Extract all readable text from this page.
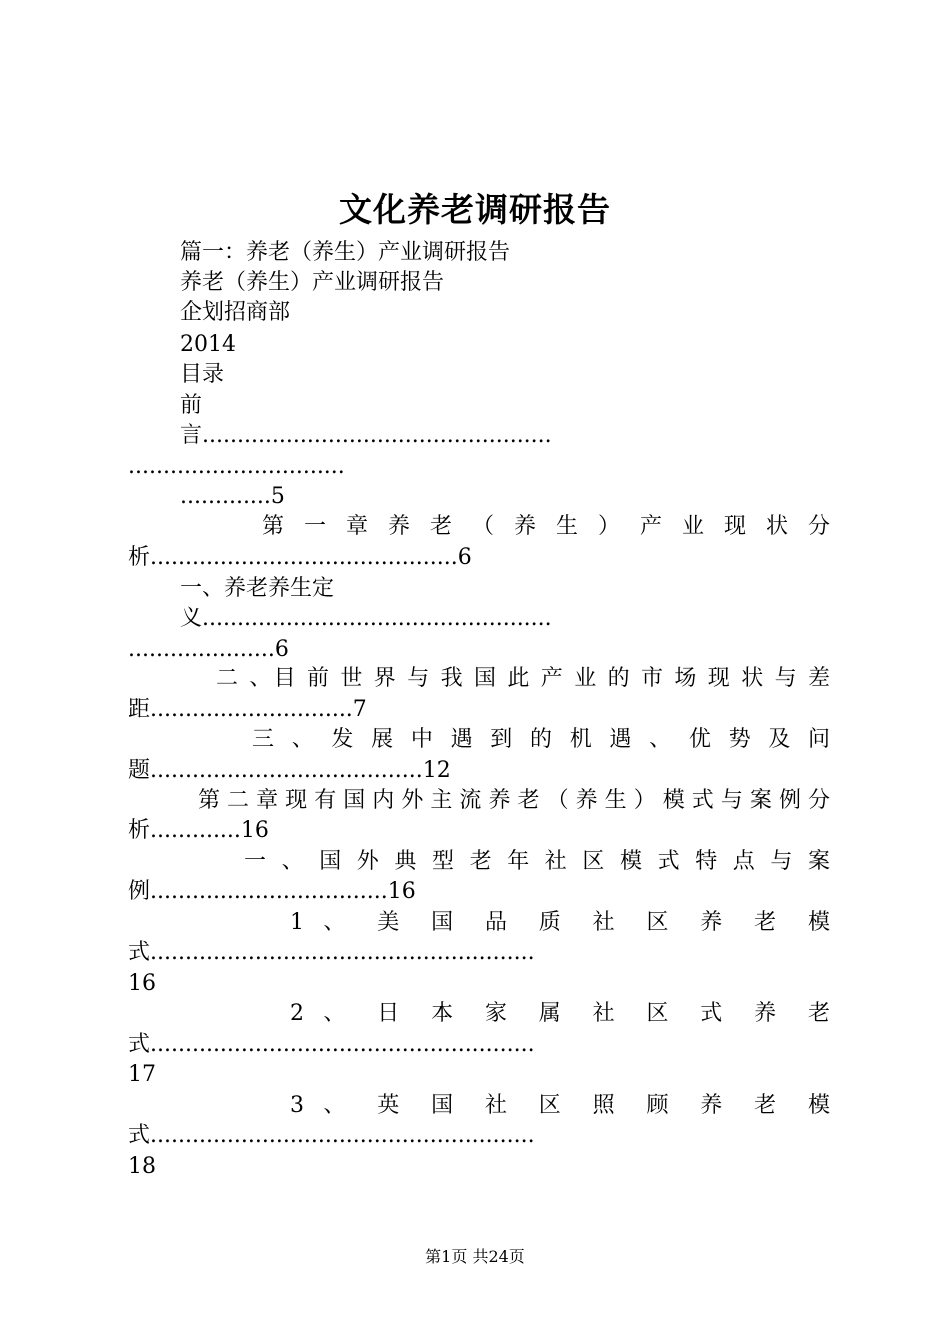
文化养老调研报告
篇一：养老（养生）产业调研报告
养老（养生）产业调研报告
企划招商部
2014
目录
前
言..................................................
...............................
.............5
第 一 章 养 老 （ 养 生 ） 产 业 现 状 分
析............................................6
一、养老养生定
义..................................................
.....................6
二 、目 前 世 界 与 我 国 此 产 业 的 市 场 现 状 与 差
距.............................7
三 、 发 展 中 遇 到 的 机 遇 、 优 势 及 问
题.......................................12
第二章现有国内外主流养老（养生）模式与案例分
析.............16
一 、 国 外 典 型 老 年 社 区 模 式 特 点 与 案
例..................................16
1 、 美 国 品 质 社 区 养 老 模
式.......................................................
16
2 、 日 本 家 属 社 区 式 养 老
式.......................................................
17
3 、 英 国 社 区 照 顾 养 老 模
式.......................................................
18
第1页 共24页
